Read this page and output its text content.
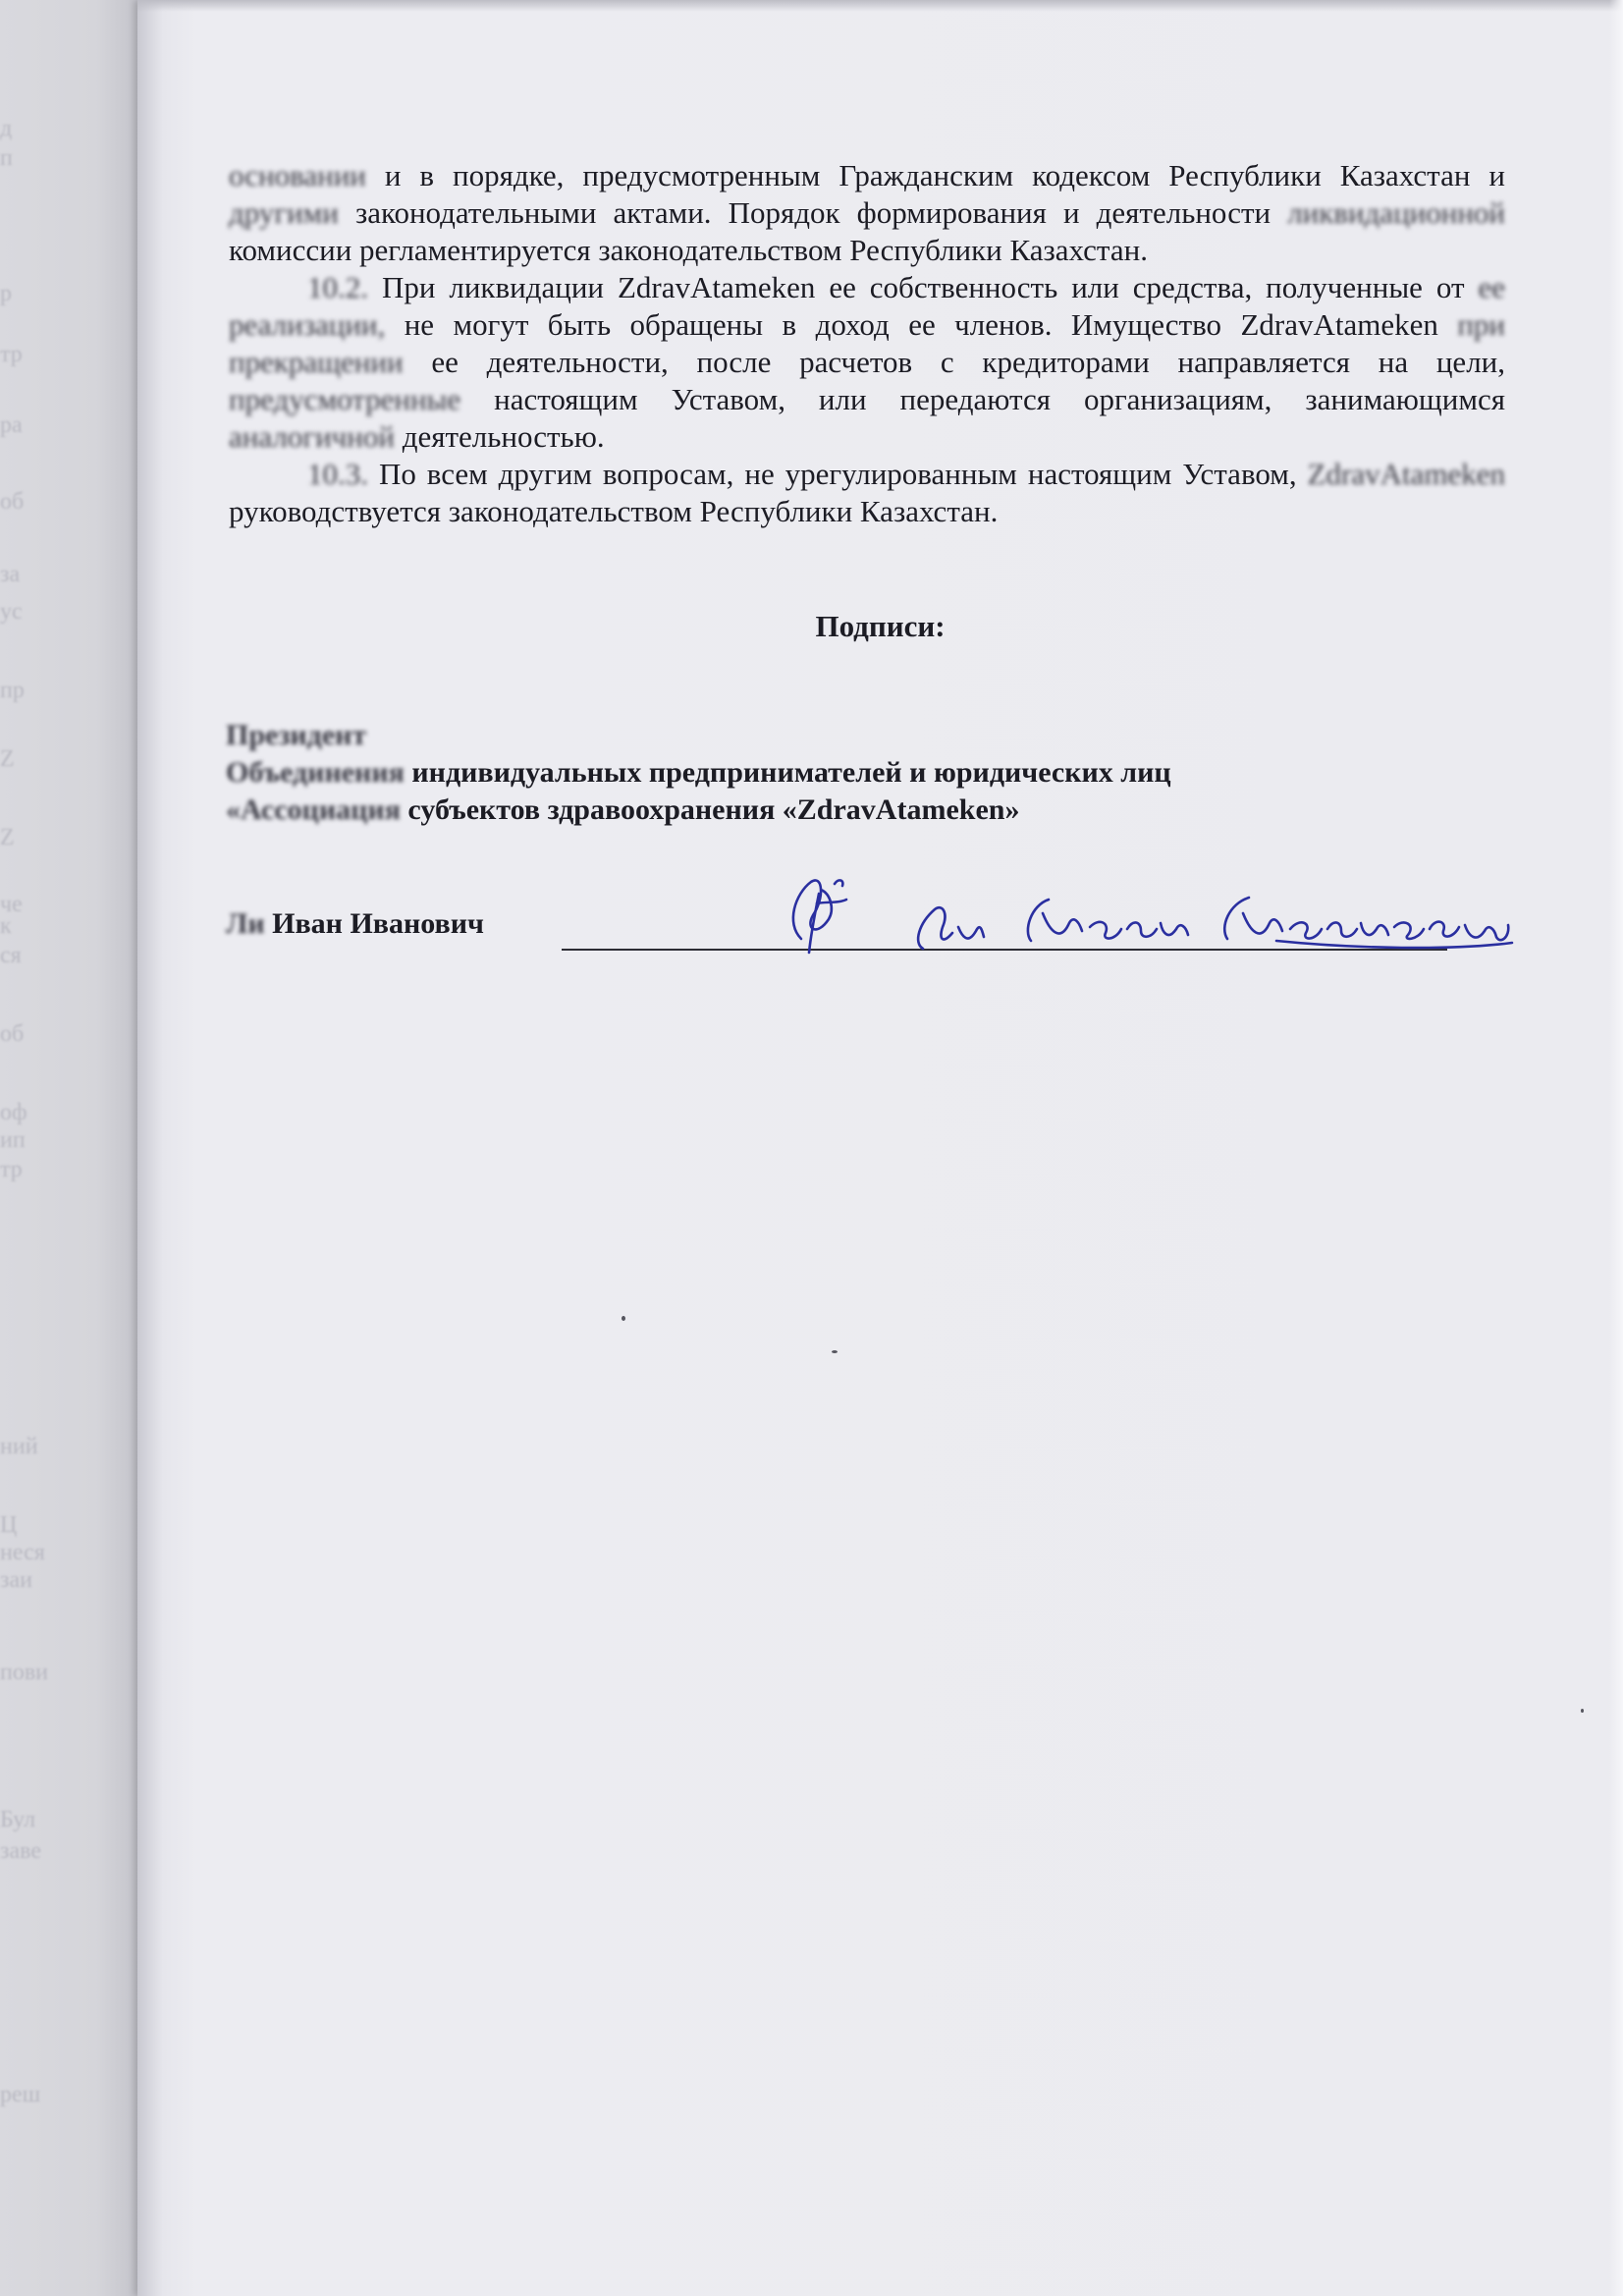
д
п
р
тр
ра
об
за
ус
пр
Z
Z
че
к
ся
об
оф
ип
тр
ний
Ц
неся
заи
пови
Бул
заве
реш

основании и в порядке, предусмотренным Гражданским кодексом Республики Казахстан и другими законодательными актами. Порядок формирования и деятельности ликвидационной комиссии регламентируется законодательством Республики Казахстан.

10.2. При ликвидации ZdravAtameken ее собственность или средства, полученные от ее реализации, не могут быть обращены в доход ее членов. Имущество ZdravAtameken при прекращении ее деятельности, после расчетов с кредиторами направляется на цели, предусмотренные настоящим Уставом, или передаются организациям, занимающимся аналогичной деятельностью.

10.3. По всем другим вопросам, не урегулированным настоящим Уставом, ZdravAtameken руководствуется законодательством Республики Казахстан.

Подписи:
Президент
Объединения индивидуальных предпринимателей и юридических лиц
«Ассоциация субъектов здравоохранения «ZdravAtameken»
Ли Иван Иванович
